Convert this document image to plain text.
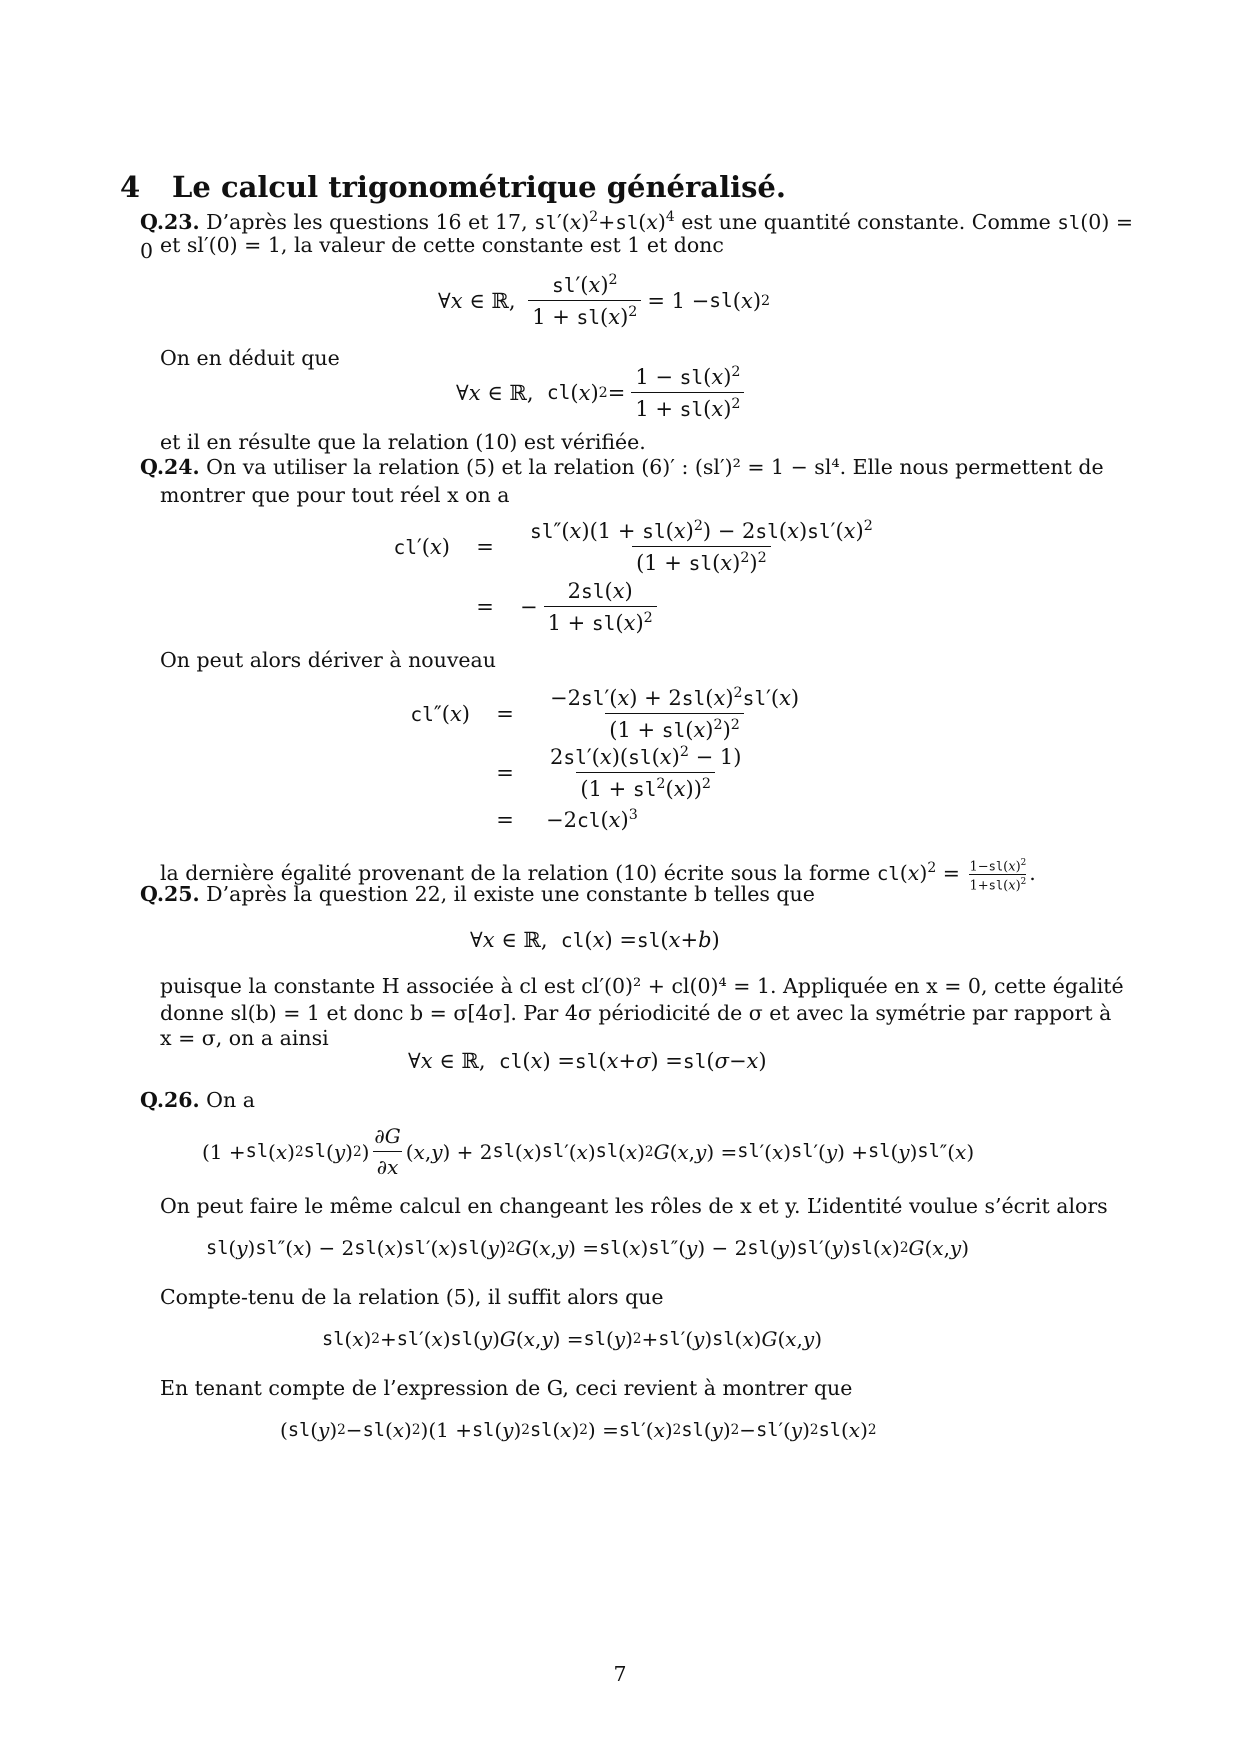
4 Le calcul trigonométrique généralisé.
Q.23. D’après les questions 16 et 17, $sl'(x)^2+sl(x)^4$ est une quantité constante. Comme sl(0) = 0 et sl′(0) = 1, la valeur de cette constante est 1 et donc
∀ x ∈ ℝ, $\frac{sl'(x)^2}{1 + sl(x)^2} = 1$ − sl ( x ) 2
On en déduit que
∀ x ∈ ℝ, cl ( x ) $2 = \frac{1 - sl(x)^2}{1 + sl(x)^2}$
et il en résulte que la relation (10) est vérifiée.
Q.24. On va utiliser la relation (5) et la relation (6)′ : (sl′)² = 1 − sl⁴. Elle nous permettent de
montrer que pour tout réel x on a
cl′(x)	=	$\frac{sl''(x)(1 + sl(x)^2) - 2sl(x)sl'(x)^2}{(1 + sl(x)^2)^2}$
=	− $\frac{2sl(x)}{1 + sl(x)^2}$
On peut alors dériver à nouveau
cl″(x)	=	$\frac{-2sl'(x) + 2sl(x)^2sl'(x)}{(1 + sl(x)^2)^2}$
=	$\frac{2sl'(x)(sl(x)^2 - 1)}{(1 + sl^2(x))^2}$
=	$-2cl(x)^3$
la dernière égalité provenant de la relation (10) écrite sous la forme $cl(x)^2 = \frac{1-sl(x)^2}{1+sl(x)^2}$ .
Q.25. D’après la question 22, il existe une constante b telles que
∀ x ∈ ℝ, cl ( x ) = sl ( x + b )
puisque la constante H associée à cl est cl′(0)² + cl(0)⁴ = 1. Appliquée en x = 0, cette égalité
donne sl(b) = 1 et donc b = σ[4σ]. Par 4σ périodicité de σ et avec la symétrie par rapport à
x = σ, on a ainsi
∀ x ∈ ℝ, cl ( x ) = sl ( x + σ ) = sl ( σ − x )
Q.26. On a
(1 + sl ( x ) 2 sl ( y ) 2 ) $\frac{\partial G}{\partial x}$ ( x , y ) + 2 sl ( x ) sl ′( x ) sl ( x ) 2 G ( x , y ) = sl ′( x ) sl ′( y ) + sl ( y ) sl ″( x )
On peut faire le même calcul en changeant les rôles de x et y. L’identité voulue s’écrit alors
sl ( y ) sl ″( x ) − 2 sl ( x ) sl ′( x ) sl ( y ) 2 G ( x , y ) = sl ( x ) sl ″( y ) − 2 sl ( y ) sl ′( y ) sl ( x ) 2 G ( x , y )
Compte-tenu de la relation (5), il suffit alors que
sl ( x ) 2 + sl ′( x ) sl ( y ) G ( x , y ) = sl ( y ) 2 + sl ′( y ) sl ( x ) G ( x , y )
En tenant compte de l’expression de G, ceci revient à montrer que
( sl ( y ) 2 − sl ( x ) 2 )(1 + sl ( y ) 2 sl ( x ) 2 ) = sl ′( x ) 2 sl ( y ) 2 − sl ′( y ) 2 sl ( x ) 2
7
